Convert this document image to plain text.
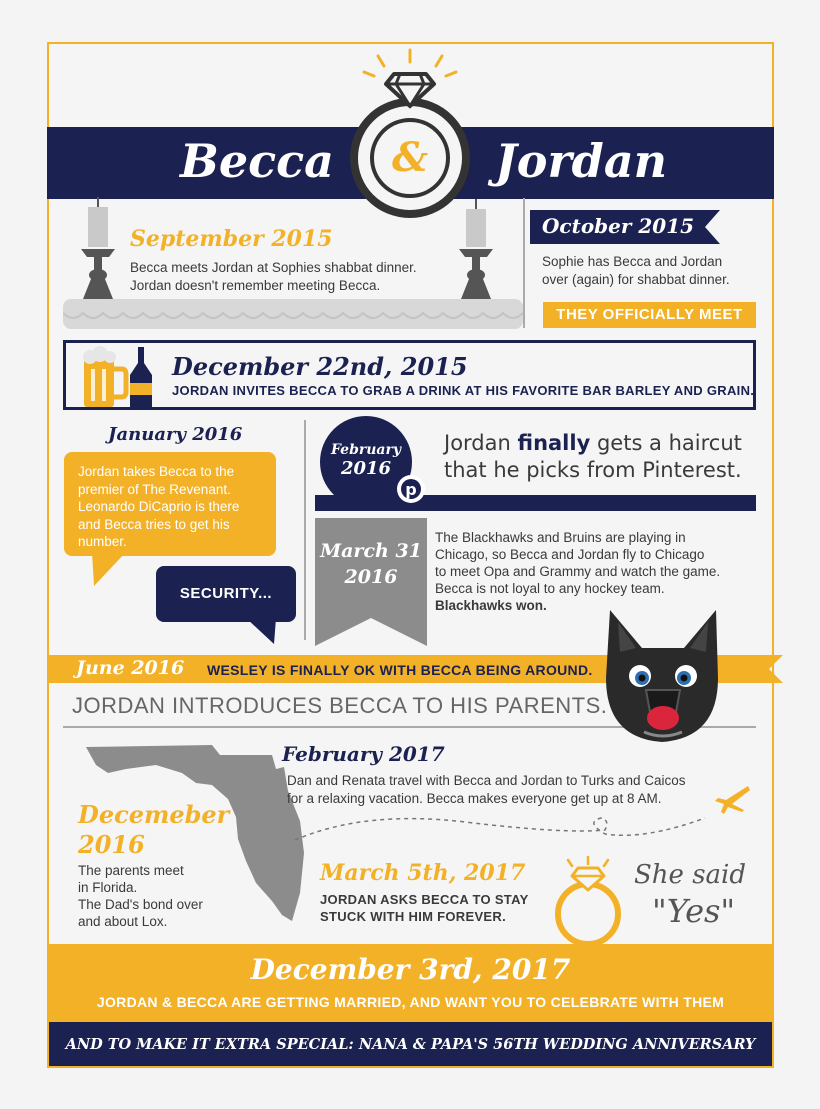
Becca	Jordan
&
September 2015
Becca meets Jordan at Sophies shabbat dinner.
Jordan doesn't remember meeting Becca.
October 2015
Sophie has Becca and Jordan
over (again) for shabbat dinner.
THEY OFFICIALLY MEET
December 22nd, 2015
JORDAN INVITES BECCA TO GRAB A DRINK AT HIS FAVORITE BAR BARLEY AND GRAIN.
January 2016
Jordan takes Becca to the
premier of The Revenant.
Leonardo DiCaprio is there
and Becca tries to get his
number.
SECURITY...
February
2016
p
Jordan finally gets a haircut
that he picks from Pinterest.
March 31
2016
The Blackhawks and Bruins are playing in
Chicago, so Becca and Jordan fly to Chicago
to meet Opa and Grammy and watch the game.
Becca is not loyal to any hockey team.
Blackhawks won.
June 2016 WESLEY IS FINALLY OK WITH BECCA BEING AROUND.
JORDAN INTRODUCES BECCA TO HIS PARENTS.
Decemeber
2016
The parents meet
in Florida.
The Dad's bond over
and about Lox.
February 2017
Dan and Renata travel with Becca and Jordan to Turks and Caicos
for a relaxing vacation. Becca makes everyone get up at 8 AM.
March 5th, 2017
JORDAN ASKS BECCA TO STAY
STUCK WITH HIM FOREVER.
She said
"Yes"
December 3rd, 2017
JORDAN & BECCA ARE GETTING MARRIED, AND WANT YOU TO CELEBRATE WITH THEM
AND TO MAKE IT EXTRA SPECIAL: NANA & PAPA'S 56TH WEDDING ANNIVERSARY
